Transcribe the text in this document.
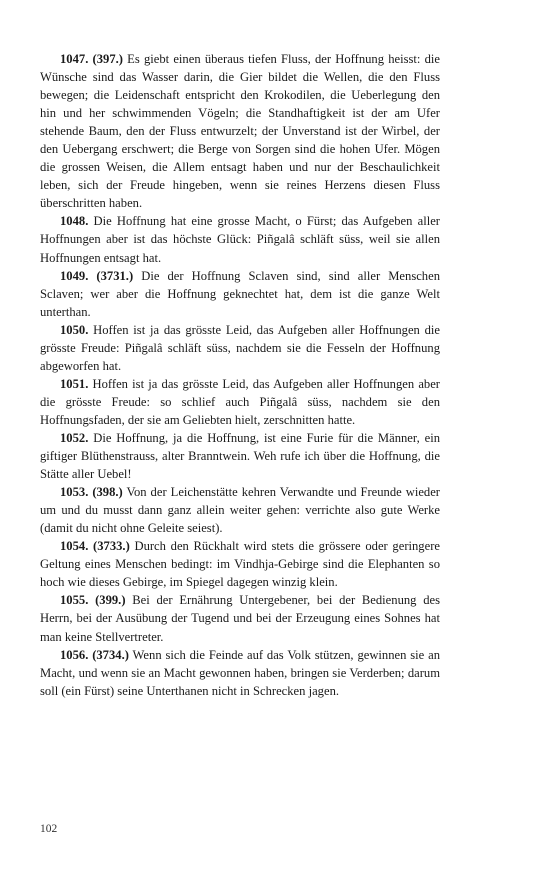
1047. (397.) Es giebt einen überaus tiefen Fluss, der Hoffnung heisst: die Wünsche sind das Wasser darin, die Gier bildet die Wellen, die den Fluss bewegen; die Leidenschaft entspricht den Krokodilen, die Ueberlegung den hin und her schwimmenden Vögeln; die Standhaftigkeit ist der am Ufer stehende Baum, den der Fluss entwurzelt; der Unverstand ist der Wirbel, der den Uebergang erschwert; die Berge von Sorgen sind die hohen Ufer. Mögen die grossen Weisen, die Allem entsagt haben und nur der Beschaulichkeit leben, sich der Freude hingeben, wenn sie reines Herzens diesen Fluss überschritten haben.

1048. Die Hoffnung hat eine grosse Macht, o Fürst; das Aufgeben aller Hoffnungen aber ist das höchste Glück: Piñgalâ schläft süss, weil sie allen Hoffnungen entsagt hat.

1049. (3731.) Die der Hoffnung Sclaven sind, sind aller Menschen Sclaven; wer aber die Hoffnung geknechtet hat, dem ist die ganze Welt unterthan.

1050. Hoffen ist ja das grösste Leid, das Aufgeben aller Hoffnungen die grösste Freude: Piñgalâ schläft süss, nachdem sie die Fesseln der Hoffnung abgeworfen hat.

1051. Hoffen ist ja das grösste Leid, das Aufgeben aller Hoffnungen aber die grösste Freude: so schlief auch Piñgalâ süss, nachdem sie den Hoffnungsfaden, der sie am Geliebten hielt, zerschnitten hatte.

1052. Die Hoffnung, ja die Hoffnung, ist eine Furie für die Männer, ein giftiger Blüthenstrauss, alter Branntwein. Weh rufe ich über die Hoffnung, die Stätte aller Uebel!

1053. (398.) Von der Leichenstätte kehren Verwandte und Freunde wieder um und du musst dann ganz allein weiter gehen: verrichte also gute Werke (damit du nicht ohne Geleite seiest).

1054. (3733.) Durch den Rückhalt wird stets die grössere oder geringere Geltung eines Menschen bedingt: im Vindhja-Gebirge sind die Elephanten so hoch wie dieses Gebirge, im Spiegel dagegen winzig klein.

1055. (399.) Bei der Ernährung Untergebener, bei der Bedienung des Herrn, bei der Ausübung der Tugend und bei der Erzeugung eines Sohnes hat man keine Stellvertreter.

1056. (3734.) Wenn sich die Feinde auf das Volk stützen, gewinnen sie an Macht, und wenn sie an Macht gewonnen haben, bringen sie Verderben; darum soll (ein Fürst) seine Unterthanen nicht in Schrecken jagen.

102
